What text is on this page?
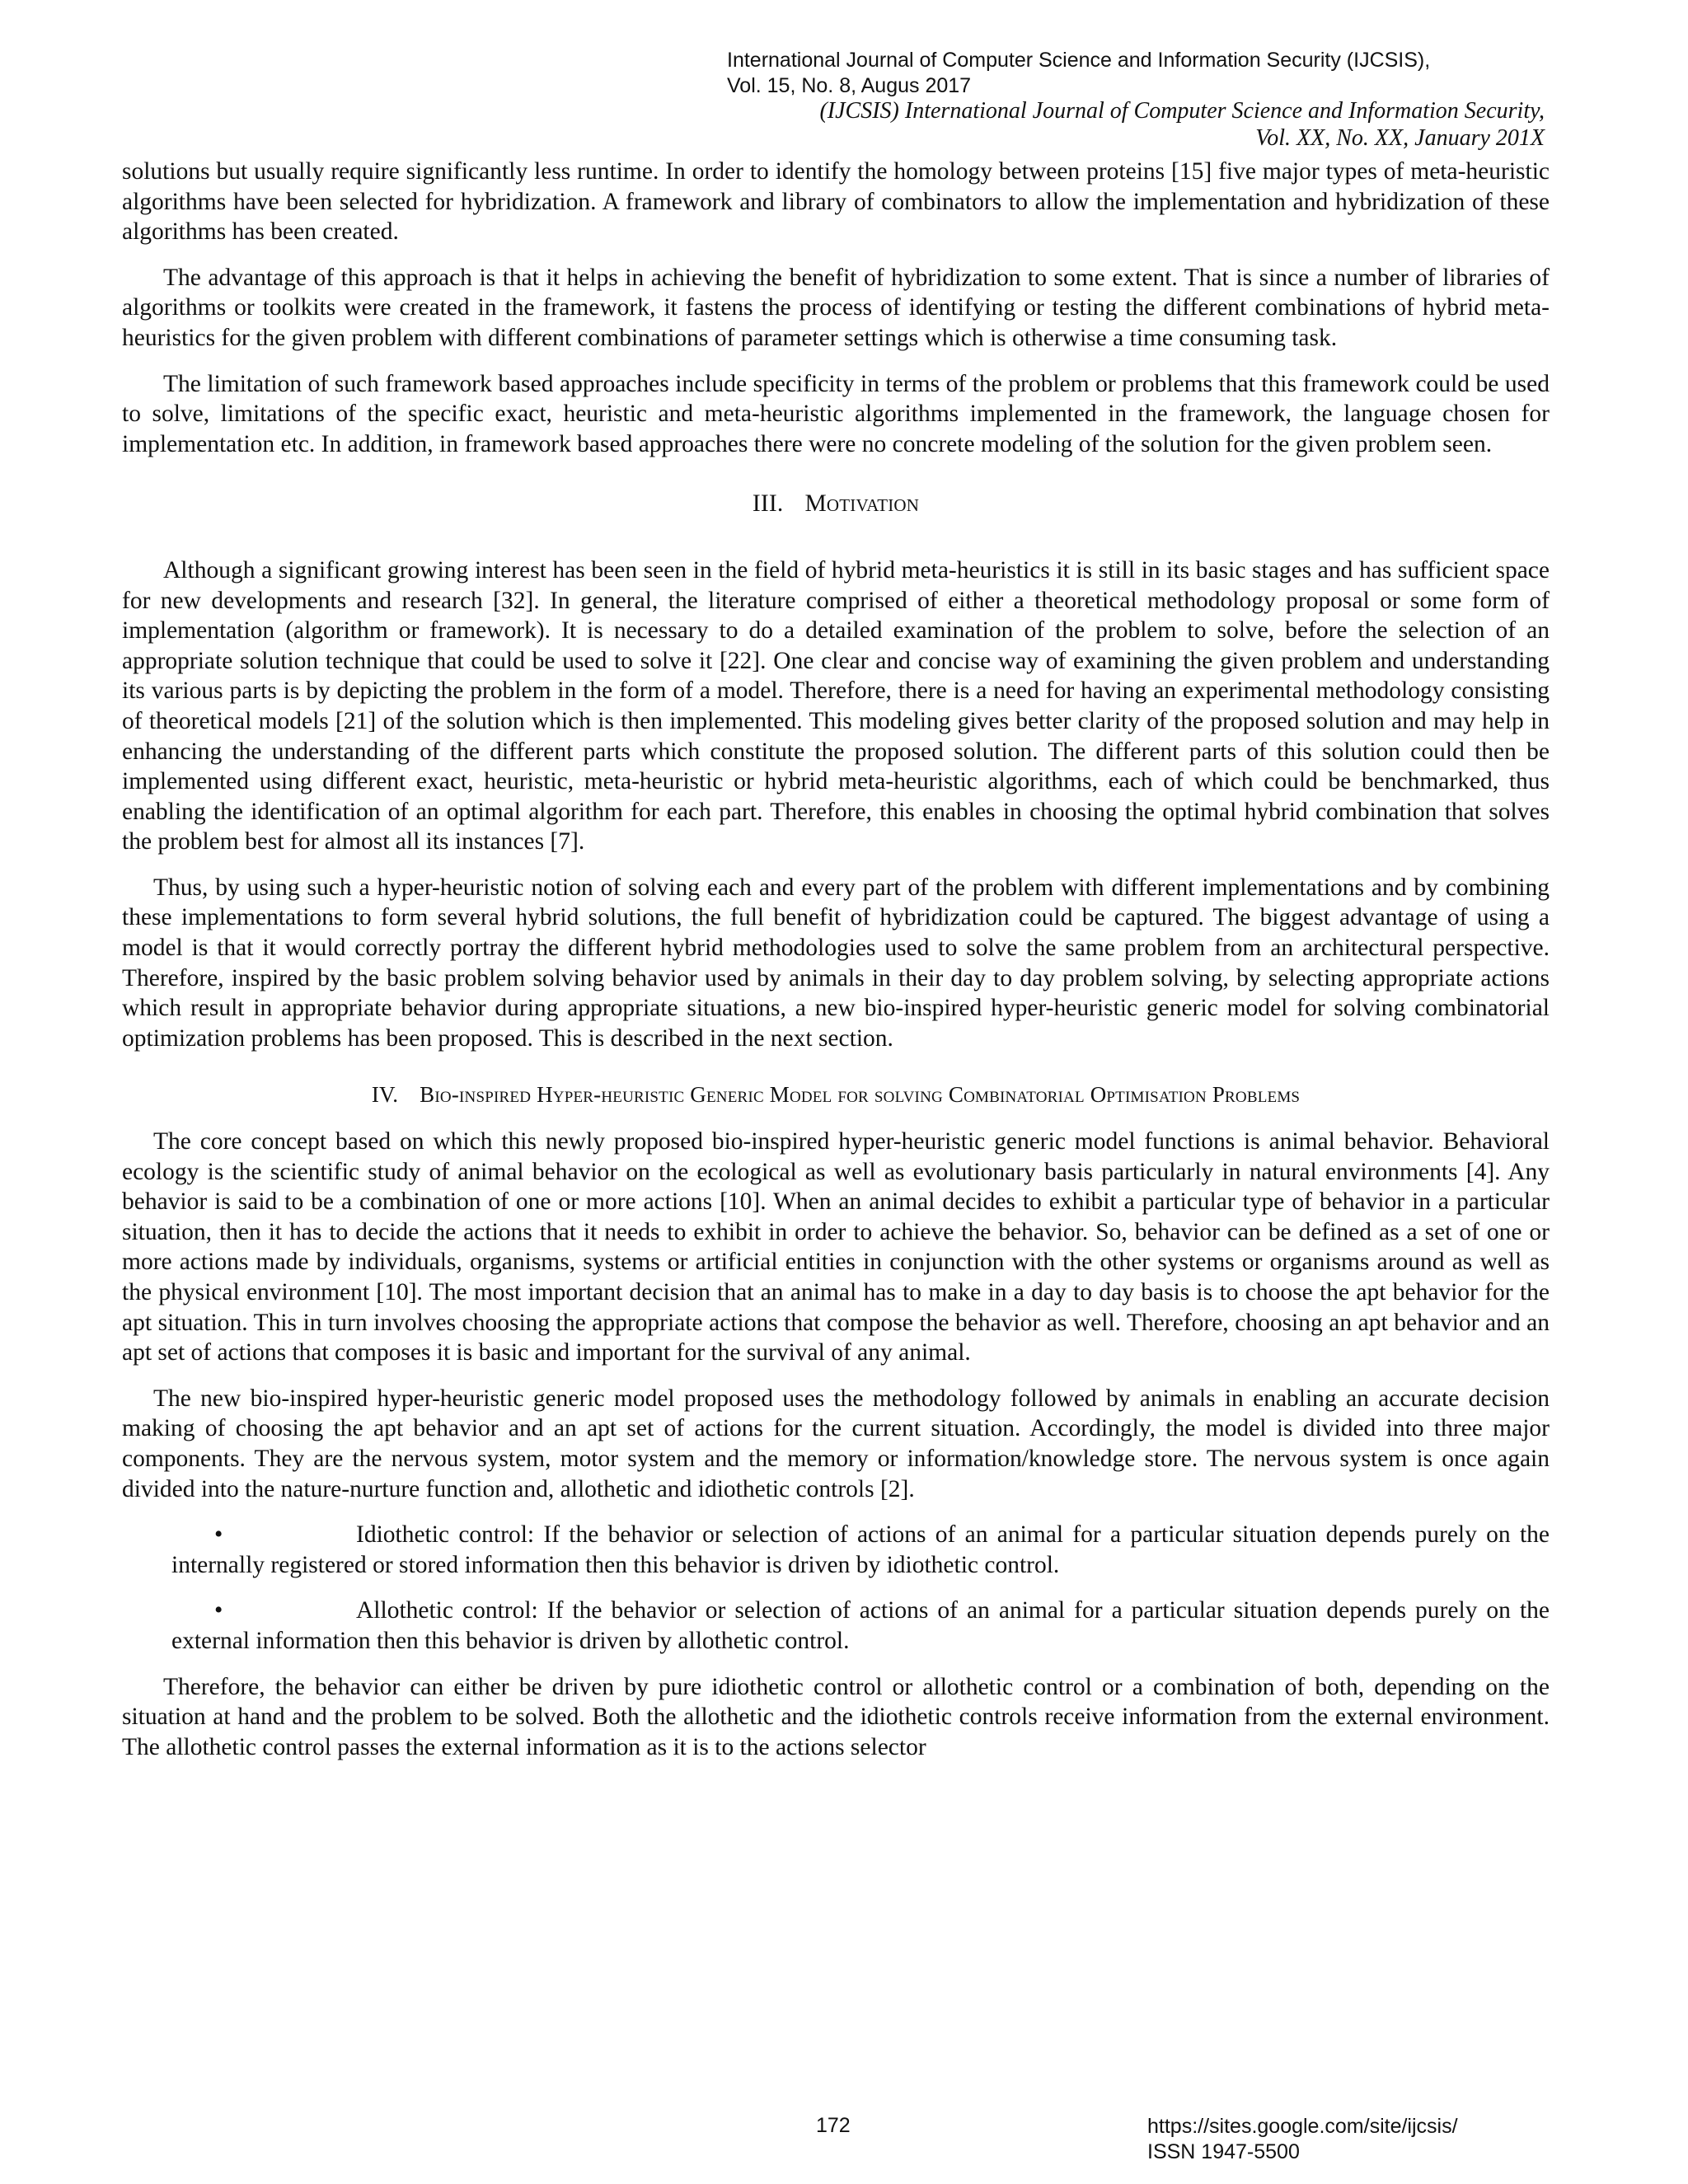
International Journal of Computer Science and Information Security (IJCSIS),
Vol. 15, No. 8, Augus 2017
(IJCSIS) International Journal of Computer Science and Information Security,
Vol. XX, No. XX, January 201X

solutions but usually require significantly less runtime. In order to identify the homology between proteins [15] five major types of meta-heuristic algorithms have been selected for hybridization. A framework and library of combinators to allow the implementation and hybridization of these algorithms has been created.

The advantage of this approach is that it helps in achieving the benefit of hybridization to some extent. That is since a number of libraries of algorithms or toolkits were created in the framework, it fastens the process of identifying or testing the different combinations of hybrid meta-heuristics for the given problem with different combinations of parameter settings which is otherwise a time consuming task.

The limitation of such framework based approaches include specificity in terms of the problem or problems that this framework could be used to solve, limitations of the specific exact, heuristic and meta-heuristic algorithms implemented in the framework, the language chosen for implementation etc. In addition, in framework based approaches there were no concrete modeling of the solution for the given problem seen.

III. Motivation

Although a significant growing interest has been seen in the field of hybrid meta-heuristics it is still in its basic stages and has sufficient space for new developments and research [32]. In general, the literature comprised of either a theoretical methodology proposal or some form of implementation (algorithm or framework). It is necessary to do a detailed examination of the problem to solve, before the selection of an appropriate solution technique that could be used to solve it [22]. One clear and concise way of examining the given problem and understanding its various parts is by depicting the problem in the form of a model. Therefore, there is a need for having an experimental methodology consisting of theoretical models [21] of the solution which is then implemented. This modeling gives better clarity of the proposed solution and may help in enhancing the understanding of the different parts which constitute the proposed solution. The different parts of this solution could then be implemented using different exact, heuristic, meta-heuristic or hybrid meta-heuristic algorithms, each of which could be benchmarked, thus enabling the identification of an optimal algorithm for each part. Therefore, this enables in choosing the optimal hybrid combination that solves the problem best for almost all its instances [7].

Thus, by using such a hyper-heuristic notion of solving each and every part of the problem with different implementations and by combining these implementations to form several hybrid solutions, the full benefit of hybridization could be captured. The biggest advantage of using a model is that it would correctly portray the different hybrid methodologies used to solve the same problem from an architectural perspective. Therefore, inspired by the basic problem solving behavior used by animals in their day to day problem solving, by selecting appropriate actions which result in appropriate behavior during appropriate situations, a new bio-inspired hyper-heuristic generic model for solving combinatorial optimization problems has been proposed. This is described in the next section.

IV. Bio-inspired Hyper-heuristic Generic Model for solving Combinatorial Optimisation Problems

The core concept based on which this newly proposed bio-inspired hyper-heuristic generic model functions is animal behavior. Behavioral ecology is the scientific study of animal behavior on the ecological as well as evolutionary basis particularly in natural environments [4]. Any behavior is said to be a combination of one or more actions [10]. When an animal decides to exhibit a particular type of behavior in a particular situation, then it has to decide the actions that it needs to exhibit in order to achieve the behavior. So, behavior can be defined as a set of one or more actions made by individuals, organisms, systems or artificial entities in conjunction with the other systems or organisms around as well as the physical environment [10]. The most important decision that an animal has to make in a day to day basis is to choose the apt behavior for the apt situation. This in turn involves choosing the appropriate actions that compose the behavior as well. Therefore, choosing an apt behavior and an apt set of actions that composes it is basic and important for the survival of any animal.

The new bio-inspired hyper-heuristic generic model proposed uses the methodology followed by animals in enabling an accurate decision making of choosing the apt behavior and an apt set of actions for the current situation. Accordingly, the model is divided into three major components. They are the nervous system, motor system and the memory or information/knowledge store. The nervous system is once again divided into the nature-nurture function and, allothetic and idiothetic controls [2].

•	Idiothetic control: If the behavior or selection of actions of an animal for a particular situation depends purely on the internally registered or stored information then this behavior is driven by idiothetic control.
•	Allothetic control: If the behavior or selection of actions of an animal for a particular situation depends purely on the external information then this behavior is driven by allothetic control.

Therefore, the behavior can either be driven by pure idiothetic control or allothetic control or a combination of both, depending on the situation at hand and the problem to be solved. Both the allothetic and the idiothetic controls receive information from the external environment. The allothetic control passes the external information as it is to the actions selector

172	https://sites.google.com/site/ijcsis/
ISSN 1947-5500
